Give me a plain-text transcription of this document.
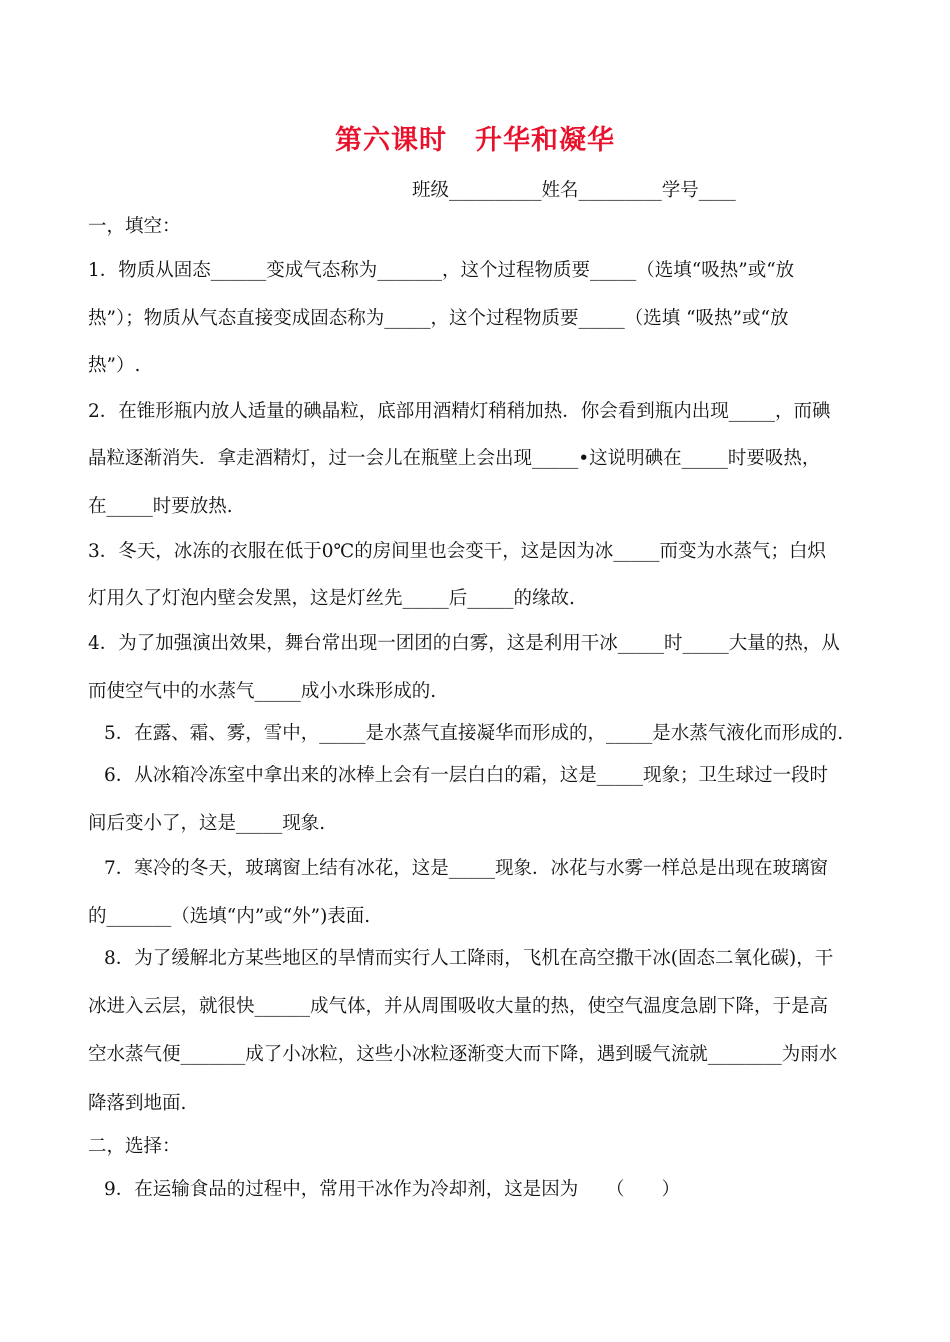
第六课时　升华和凝华
班级__________姓名_________学号____
一，填空：
1．物质从固态______变成气态称为_______，这个过程物质要_____（选填“吸热”或“放
热”）；物质从气态直接变成固态称为_____，这个过程物质要_____（选填 “吸热”或“放
热”）.
2．在锥形瓶内放人适量的碘晶粒，底部用酒精灯稍稍加热．你会看到瓶内出现_____，而碘
晶粒逐渐消失．拿走酒精灯，过一会儿在瓶壁上会出现_____•这说明碘在_____时要吸热，
在_____时要放热.
3．冬天，冰冻的衣服在低于0℃的房间里也会变干，这是因为冰_____而变为水蒸气；白炽
灯用久了灯泡内壁会发黑，这是灯丝先_____后_____的缘故.
4．为了加强演出效果，舞台常出现一团团的白雾，这是利用干冰_____时_____大量的热，从
而使空气中的水蒸气_____成小水珠形成的.
5．在露、霜、雾，雪中，_____是水蒸气直接凝华而形成的，_____是水蒸气液化而形成的.
6．从冰箱冷冻室中拿出来的冰棒上会有一层白白的霜，这是_____现象；卫生球过一段时
间后变小了，这是_____现象.
7．寒冷的冬天，玻璃窗上结有冰花，这是_____现象．冰花与水雾一样总是出现在玻璃窗
的_______（选填“内”或“外”)表面.
8．为了缓解北方某些地区的旱情而实行人工降雨，飞机在高空撒干冰(固态二氧化碳)，干
冰进入云层，就很快______成气体，并从周围吸收大量的热，使空气温度急剧下降，于是高
空水蒸气便_______成了小冰粒，这些小冰粒逐渐变大而下降，遇到暖气流就________为雨水
降落到地面.
二，选择：
9．在运输食品的过程中，常用干冰作为冷却剂，这是因为　　（　　）
